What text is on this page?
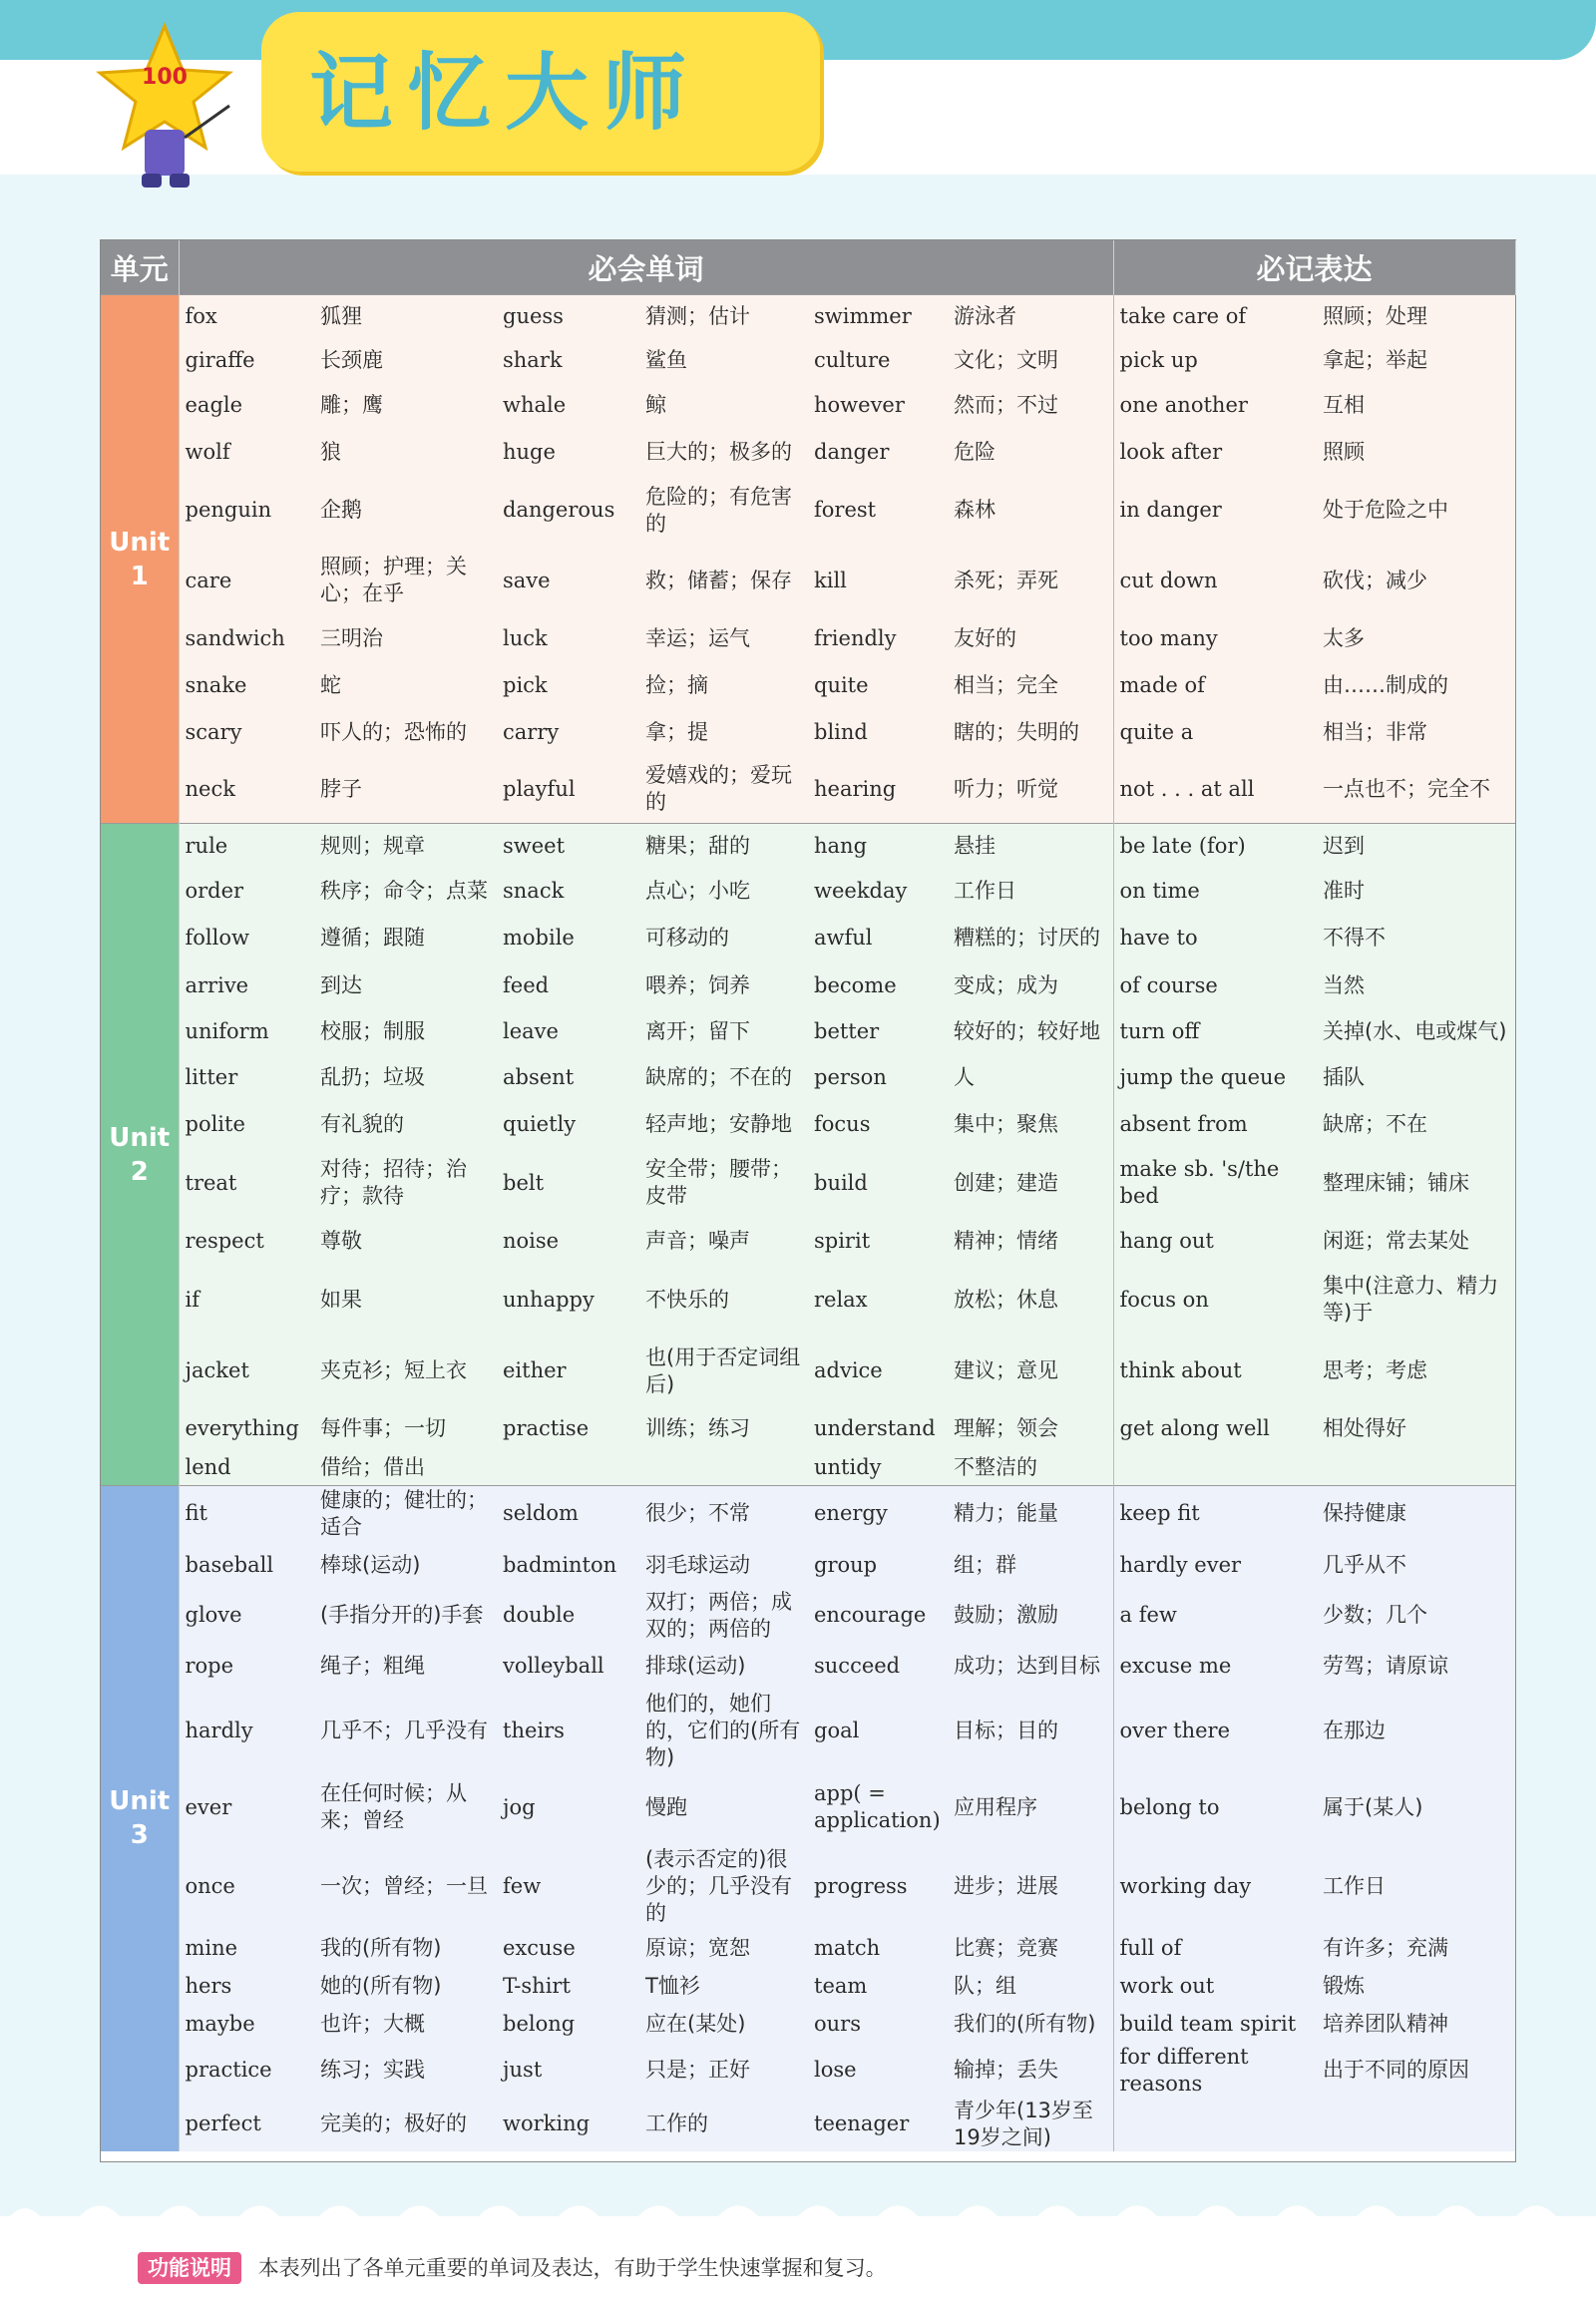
记忆大师
100
单元	必会单词						必记表达	
Unit
1	fox	狐狸	guess	猜测；估计	swimmer	游泳者	take care of	照顾；处理
	giraffe	长颈鹿	shark	鲨鱼	culture	文化；文明	pick up	拿起；举起
	eagle	雕；鹰	whale	鲸	however	然而；不过	one another	互相
	wolf	狼	huge	巨大的；极多的	danger	危险	look after	照顾
	penguin	企鹅	dangerous	危险的；有危害的	forest	森林	in danger	处于危险之中
	care	照顾；护理；关心；在乎	save	救；储蓄；保存	kill	杀死；弄死	cut down	砍伐；减少
	sandwich	三明治	luck	幸运；运气	friendly	友好的	too many	太多
	snake	蛇	pick	捡；摘	quite	相当；完全	made of	由……制成的
	scary	吓人的；恐怖的	carry	拿；提	blind	瞎的；失明的	quite a	相当；非常
	neck	脖子	playful	爱嬉戏的；爱玩的	hearing	听力；听觉	not . . . at all	一点也不；完全不
Unit
2	rule	规则；规章	sweet	糖果；甜的	hang	悬挂	be late (for)	迟到
	order	秩序；命令；点菜	snack	点心；小吃	weekday	工作日	on time	准时
	follow	遵循；跟随	mobile	可移动的	awful	糟糕的；讨厌的	have to	不得不
	arrive	到达	feed	喂养；饲养	become	变成；成为	of course	当然
	uniform	校服；制服	leave	离开；留下	better	较好的；较好地	turn off	关掉(水、电或煤气)
	litter	乱扔；垃圾	absent	缺席的；不在的	person	人	jump the queue	插队
	polite	有礼貌的	quietly	轻声地；安静地	focus	集中；聚焦	absent from	缺席；不在
	treat	对待；招待；治疗；款待	belt	安全带；腰带；皮带	build	创建；建造	make sb. 's/the bed	整理床铺；铺床
	respect	尊敬	noise	声音；噪声	spirit	精神；情绪	hang out	闲逛；常去某处
	if	如果	unhappy	不快乐的	relax	放松；休息	focus on	集中(注意力、精力等)于
	jacket	夹克衫；短上衣	either	也(用于否定词组后)	advice	建议；意见	think about	思考；考虑
	everything	每件事；一切	practise	训练；练习	understand	理解；领会	get along well	相处得好
	lend	借给；借出			untidy	不整洁的		
Unit
3	fit	健康的；健壮的；适合	seldom	很少；不常	energy	精力；能量	keep fit	保持健康
	baseball	棒球(运动)	badminton	羽毛球运动	group	组；群	hardly ever	几乎从不
	glove	(手指分开的)手套	double	双打；两倍；成双的；两倍的	encourage	鼓励；激励	a few	少数；几个
	rope	绳子；粗绳	volleyball	排球(运动)	succeed	成功；达到目标	excuse me	劳驾；请原谅
	hardly	几乎不；几乎没有	theirs	他们的，她们的，它们的(所有物)	goal	目标；目的	over there	在那边
	ever	在任何时候；从来；曾经	jog	慢跑	app( = application)	应用程序	belong to	属于(某人)
	once	一次；曾经；一旦	few	(表示否定的)很少的；几乎没有的	progress	进步；进展	working day	工作日
	mine	我的(所有物)	excuse	原谅；宽恕	match	比赛；竞赛	full of	有许多；充满
	hers	她的(所有物)	T-shirt	T恤衫	team	队；组	work out	锻炼
	maybe	也许；大概	belong	应在(某处)	ours	我们的(所有物)	build team spirit	培养团队精神
	practice	练习；实践	just	只是；正好	lose	输掉；丢失	for different reasons	出于不同的原因
	perfect	完美的；极好的	working	工作的	teenager	青少年(13岁至19岁之间)		
功能说明 本表列出了各单元重要的单词及表达，有助于学生快速掌握和复习。
